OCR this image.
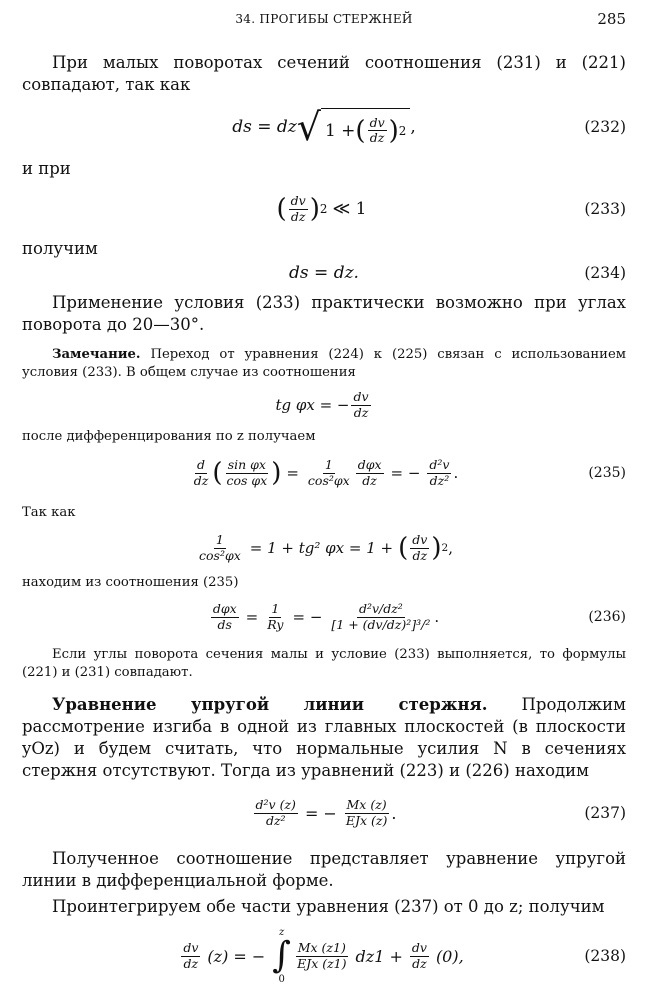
34. ПРОГИБЫ СТЕРЖНЕЙ	285

При малых поворотах сечений соотношения (231) и (221) совпадают, так как

ds = dz √ 1 + ( $\frac{dv}{dz}$ ) 2 ,	(232)

и при

( $\frac{dv}{dz}$ ) 2 ≪ 1	(233)

получим

ds = dz.	(234)

Применение условия (233) практически возможно при углах поворота до 20—30°.

Замечание. Переход от уравнения (224) к (225) связан с использованием условия (233). В общем случае из соотношения

tg φx = − $\frac{dv}{dz}$

после дифференцирования по z получаем

$\frac{d}{dz}$ ( $\frac{\text{sin φx}}{\text{cos φx}}$ ) = $\frac{1}{\text{cos²φx}} \frac{\text{dφx}}{dz}$ = − $\frac{\text{d²v}}{\text{dz²}}$ .	(235)

Так как

$\frac{1}{\text{cos²φx}} = 1 + tg^2$ φx = 1 + ( $\frac{dv}{dz}$ ) 2 ,

находим из соотношения (235)

$\frac{\text{dφx}}{ds} = \frac{1}{Ry}$ = − $\frac{\text{d²v/dz²}}{\text{[1 + (dv/dz)²]³/²}}$ .	(236)

Если углы поворота сечения малы и условие (233) выполняется, то формулы (221) и (231) совпадают.

Уравнение упругой линии стержня. Продолжим рассмотрение изгиба в одной из главных плоскостей (в плоскости yOz) и будем считать, что нормальные усилия N в сечениях стержня отсутствуют. Тогда из уравнений (223) и (226) находим

$\frac{\text{d²v (z)}}{\text{dz²}}$ = − $\frac{Mx (z)}{\text{EJx (z)}}$ .	(237)

Полученное соотношение представляет уравнение упругой линии в дифференциальной форме.

Проинтегрируем обе части уравнения (237) от 0 до z; получим

$\frac{dv}{dz} (z)$ = −
z
∫
0
$\frac{Mx (z1)}{\text{EJx (z1)}} dz1 + \frac{dv}{dz} (0)$,	(238)
